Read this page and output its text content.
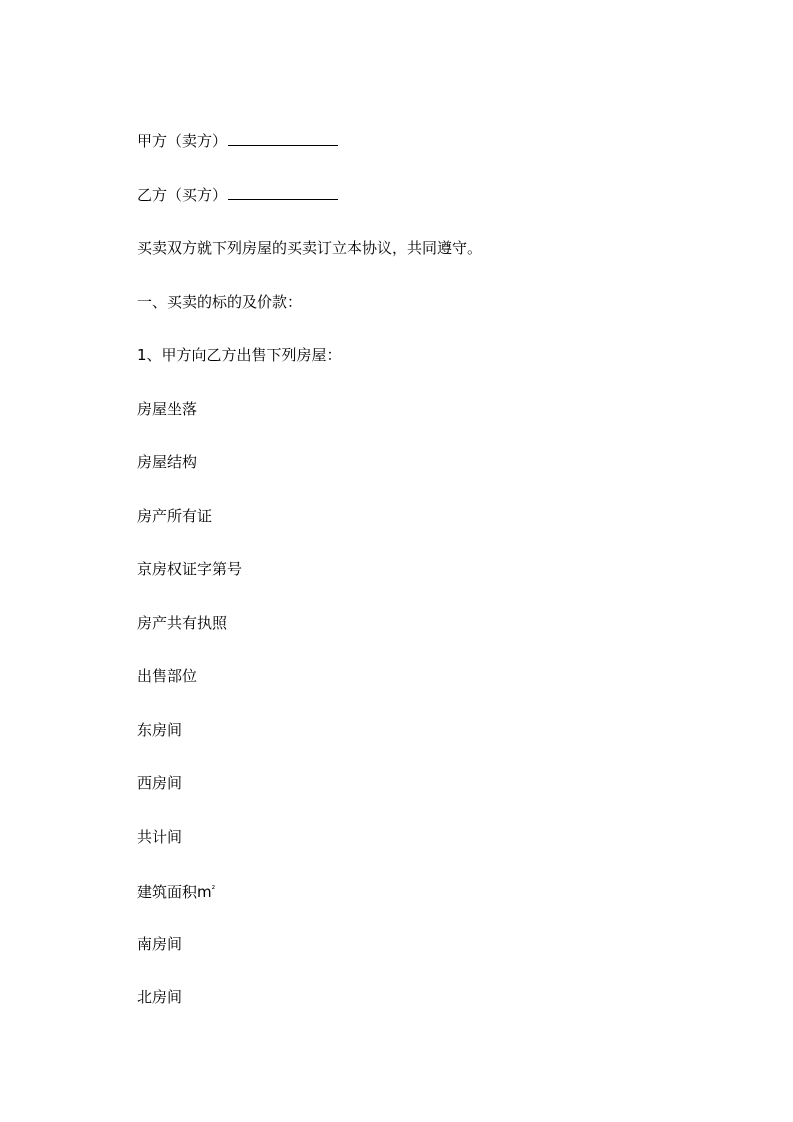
甲方（卖方）
乙方（买方）
买卖双方就下列房屋的买卖订立本协议，共同遵守。
一、买卖的标的及价款：
1、甲方向乙方出售下列房屋：
房屋坐落
房屋结构
房产所有证
京房权证字第号
房产共有执照
出售部位
东房间
西房间
共计间
建筑面积$m^{^2}$
南房间
北房间
